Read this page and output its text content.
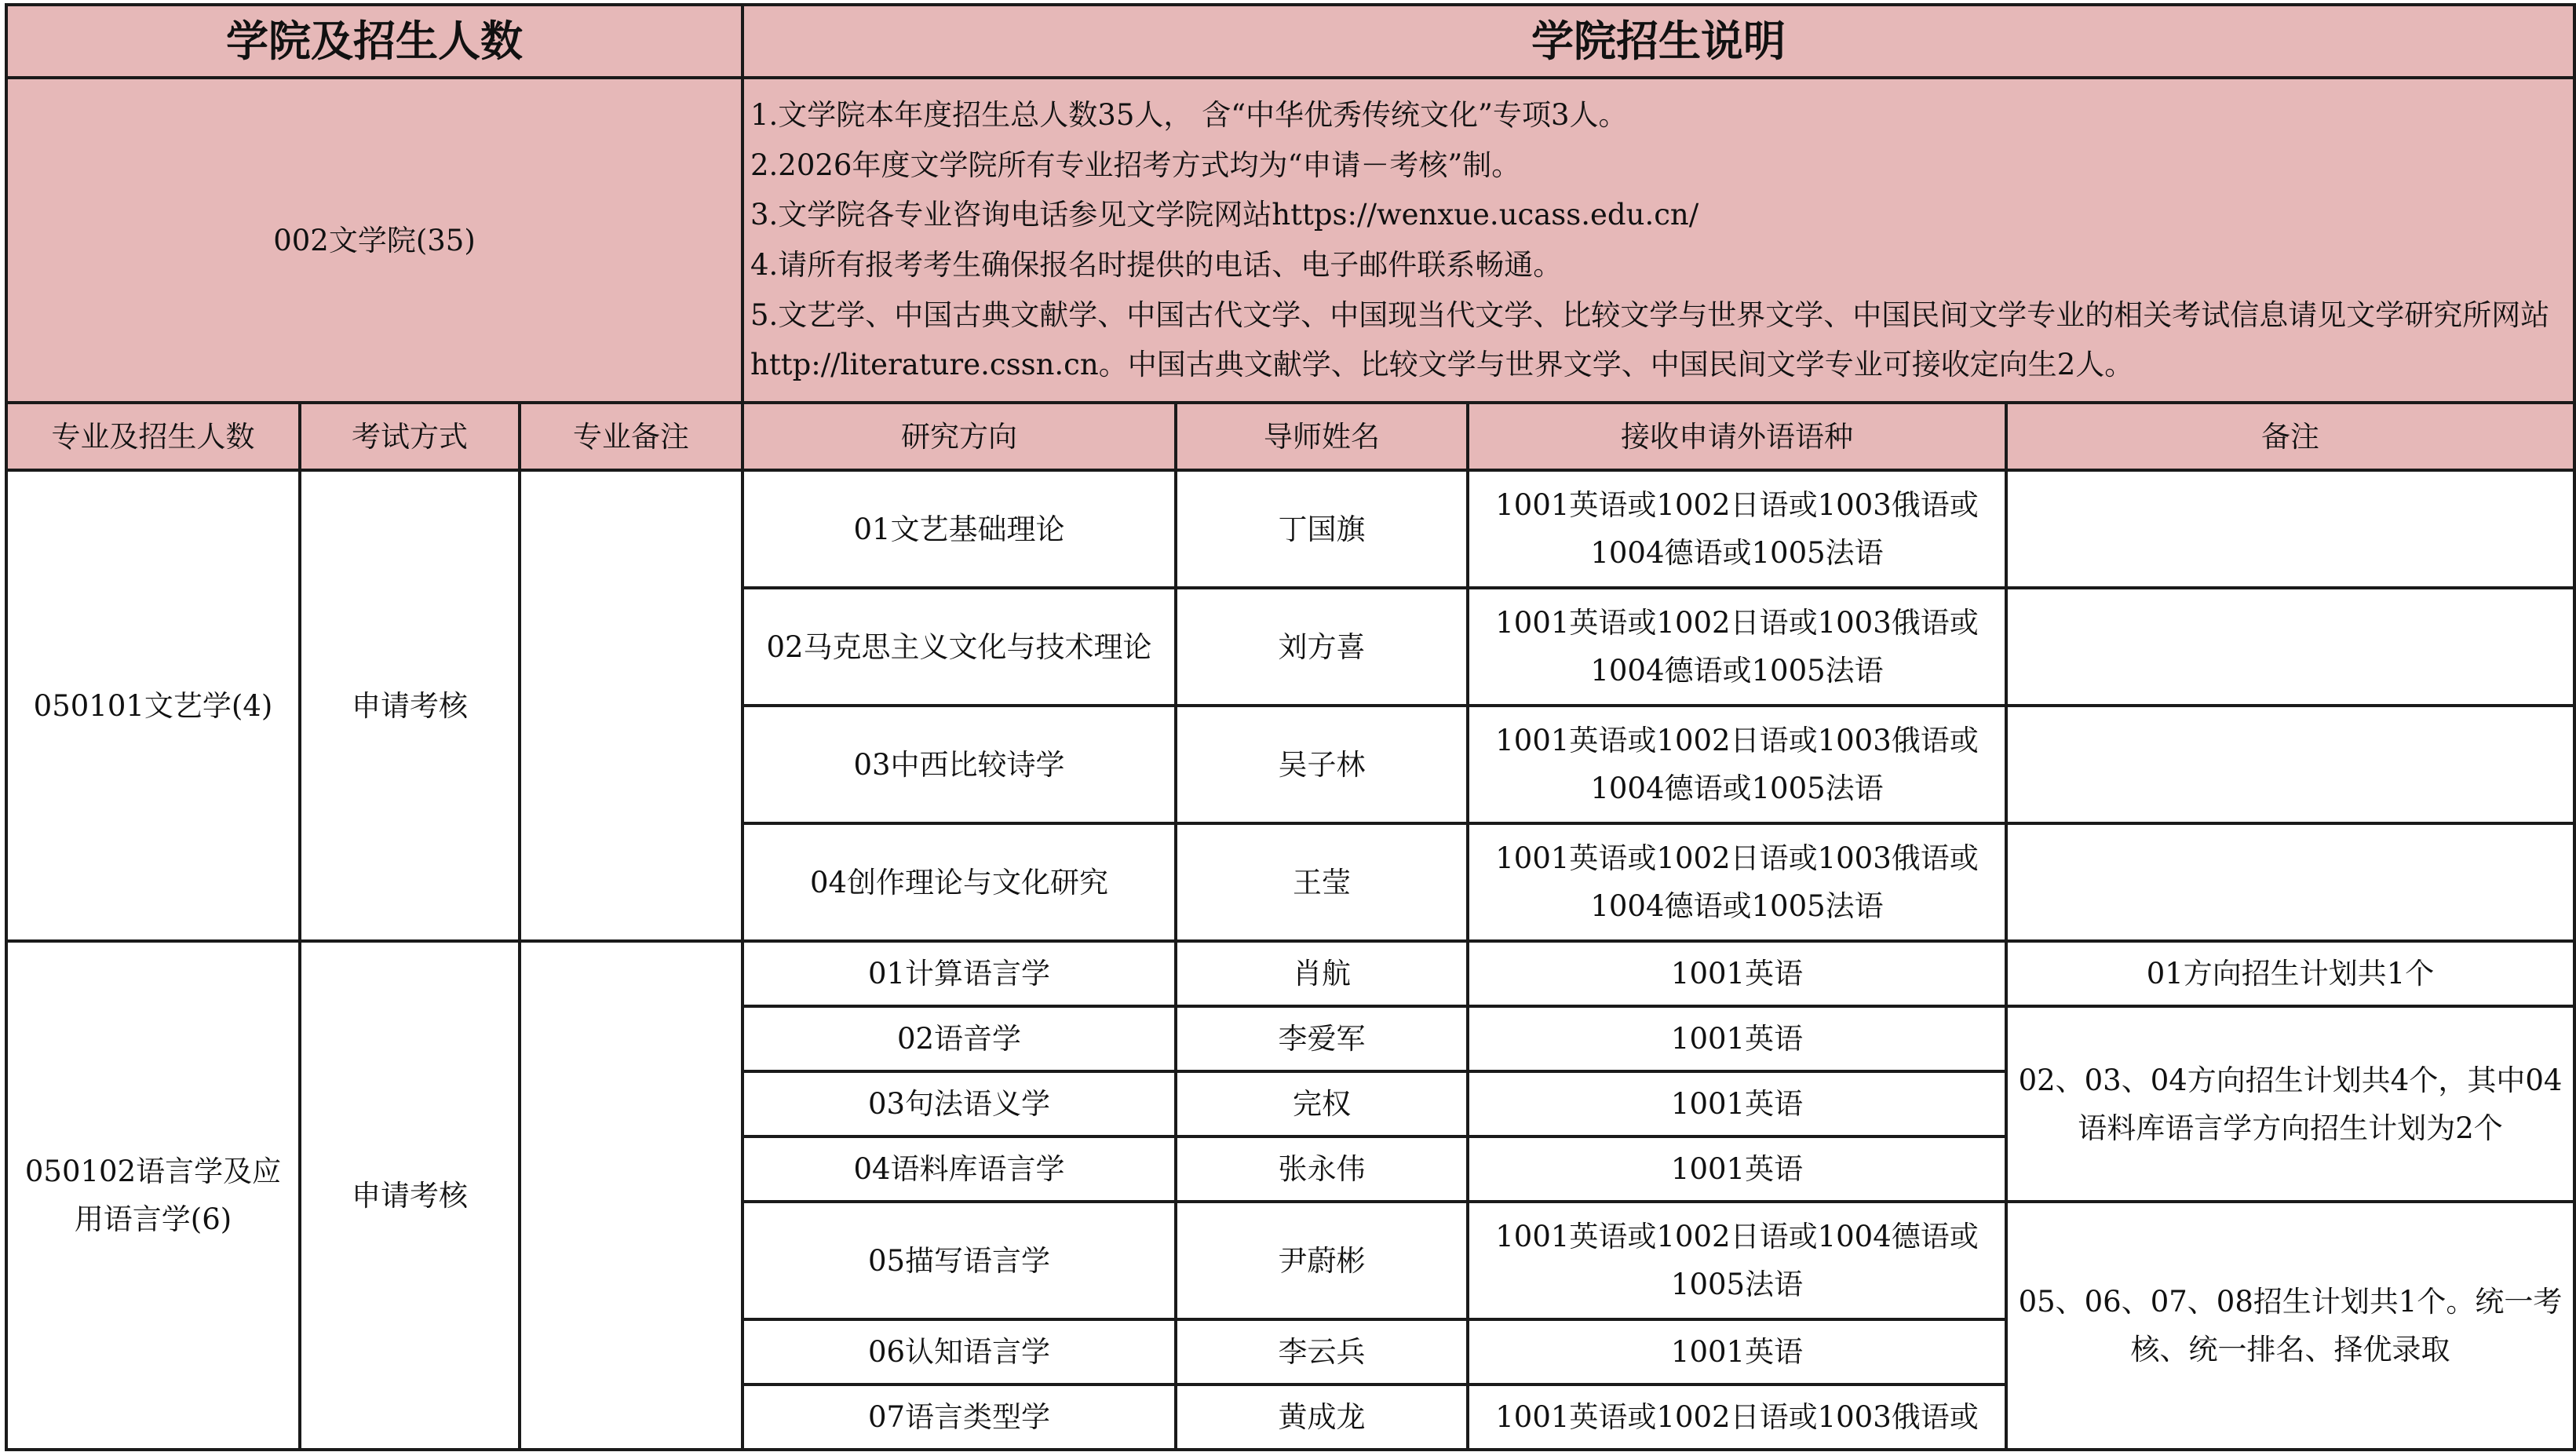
学院及招生人数			学院招生说明			
002文学院(35)			1.文学院本年度招生总人数35人， 含“中华优秀传统文化”专项3人。
2.2026年度文学院所有专业招考方式均为“申请－考核”制。
3.文学院各专业咨询电话参见文学院网站https://wenxue.ucass.edu.cn/
4.请所有报考考生确保报名时提供的电话、电子邮件联系畅通。
5.文艺学、中国古典文献学、中国古代文学、中国现当代文学、比较文学与世界文学、中国民间文学专业的相关考试信息请见文学研究所网站http://literature.cssn.cn。中国古典文献学、比较文学与世界文学、中国民间文学专业可接收定向生2人。			

专业及招生人数	考试方式	专业备注	研究方向	导师姓名	接收申请外语语种	备注
050101文艺学(4)	申请考核		01文艺基础理论	丁国旗	1001英语或1002日语或1003俄语或1004德语或1005法语	
			02马克思主义文化与技术理论	刘方喜	1001英语或1002日语或1003俄语或1004德语或1005法语	
			03中西比较诗学	吴子林	1001英语或1002日语或1003俄语或1004德语或1005法语	
			04创作理论与文化研究	王莹	1001英语或1002日语或1003俄语或1004德语或1005法语	
050102语言学及应用语言学(6)	申请考核		01计算语言学	肖航	1001英语	01方向招生计划共1个
			02语音学	李爱军	1001英语	02、03、04方向招生计划共4个，其中04语料库语言学方向招生计划为2个
			03句法语义学	完权	1001英语	
			04语料库语言学	张永伟	1001英语	
			05描写语言学	尹蔚彬	1001英语或1002日语或1004德语或1005法语	05、06、07、08招生计划共1个。统一考核、统一排名、择优录取
			06认知语言学	李云兵	1001英语	
			07语言类型学	黄成龙	1001英语或1002日语或1003俄语或	
